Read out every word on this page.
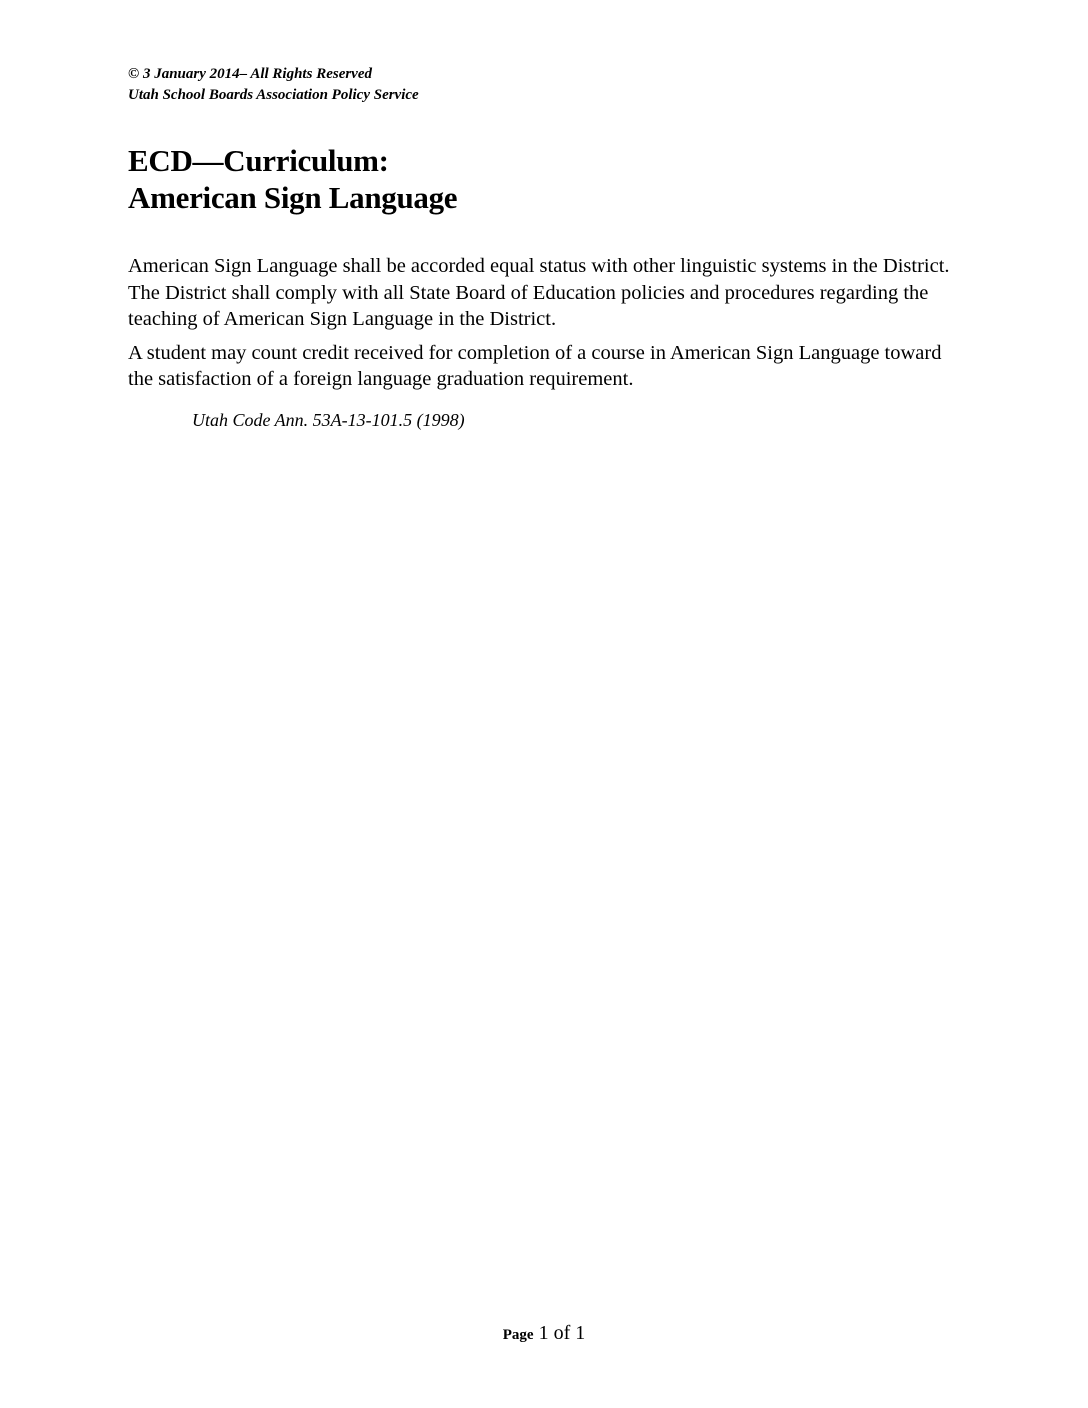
© 3 January 2014– All Rights Reserved
Utah School Boards Association Policy Service
ECD—Curriculum:
American Sign Language

American Sign Language shall be accorded equal status with other linguistic systems in the District. The District shall comply with all State Board of Education policies and procedures regarding the teaching of American Sign Language in the District.

A student may count credit received for completion of a course in American Sign Language toward the satisfaction of a foreign language graduation requirement.

Utah Code Ann. 53A-13-101.5 (1998)
Page 1 of 1
